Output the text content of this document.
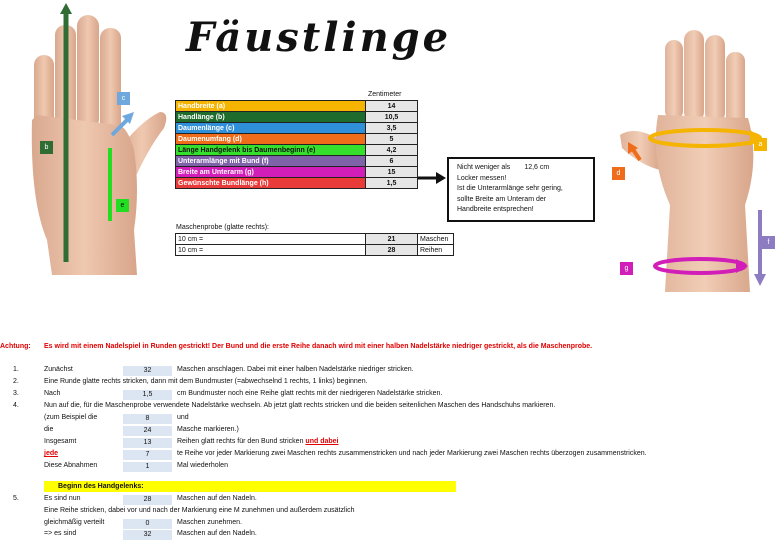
Fäustlinge
b
c
e
a
d
f
g
Zentimeter
Handbreite (a)	14
Handlänge (b)	10,5
Daumenlänge (c)	3,5
Daumenumfang (d)	5
Länge Handgelenk bis Daumenbeginn (e)	4,2
Unterarmlänge mit Bund (f)	6
Breite am Unterarm (g)	15
Gewünschte Bundlänge (h)	1,5
Nicht weniger als 12,6 cm
Locker messen!
Ist die Unterarmlänge sehr gering,
sollte Breite am Unteram der
Handbreite entsprechen!
Maschenprobe (glatte rechts):
10 cm =	21	Maschen
10 cm =	28	Reihen
Achtung: Es wird mit einem Nadelspiel in Runden gestrickt! Der Bund und die erste Reihe danach wird mit einer halben Nadelstärke niedriger gestrickt, als die Maschenprobe.
1.	Zunächst	32	Maschen anschlagen. Dabei mit einer halben Nadelstärke niedriger stricken.
2.	Eine Runde glatte rechts stricken, dann mit dem Bundmuster (=abwechselnd 1 rechts, 1 links) beginnen.
3.	Nach	1,5	cm Bundmuster noch eine Reihe glatt rechts mit der niedrigeren Nadelstärke stricken.
4.	Nun auf die, für die Maschenprobe verwendete Nadelstärke wechseln. Ab jetzt glatt rechts stricken und die beiden seitenlichen Maschen des Handschuhs markieren.
(zum Beispiel die	8	und
die	24	Masche markieren.)
Insgesamt	13	Reihen glatt rechts für den Bund stricken und dabei
jede	7	te Reihe vor jeder Markierung zwei Maschen rechts zusammenstricken und nach jeder Markierung zwei Maschen rechts überzogen zusammenstricken.
Diese Abnahmen	1	Mal wiederholen
Beginn des Handgelenks:
5.	Es sind nun	28	Maschen auf den Nadeln.
Eine Reihe stricken, dabei vor und nach der Markierung eine M zunehmen und außerdem zusätzlich
gleichmäßig verteilt	0	Maschen zunehmen.
=> es sind	32	Maschen auf den Nadeln.
